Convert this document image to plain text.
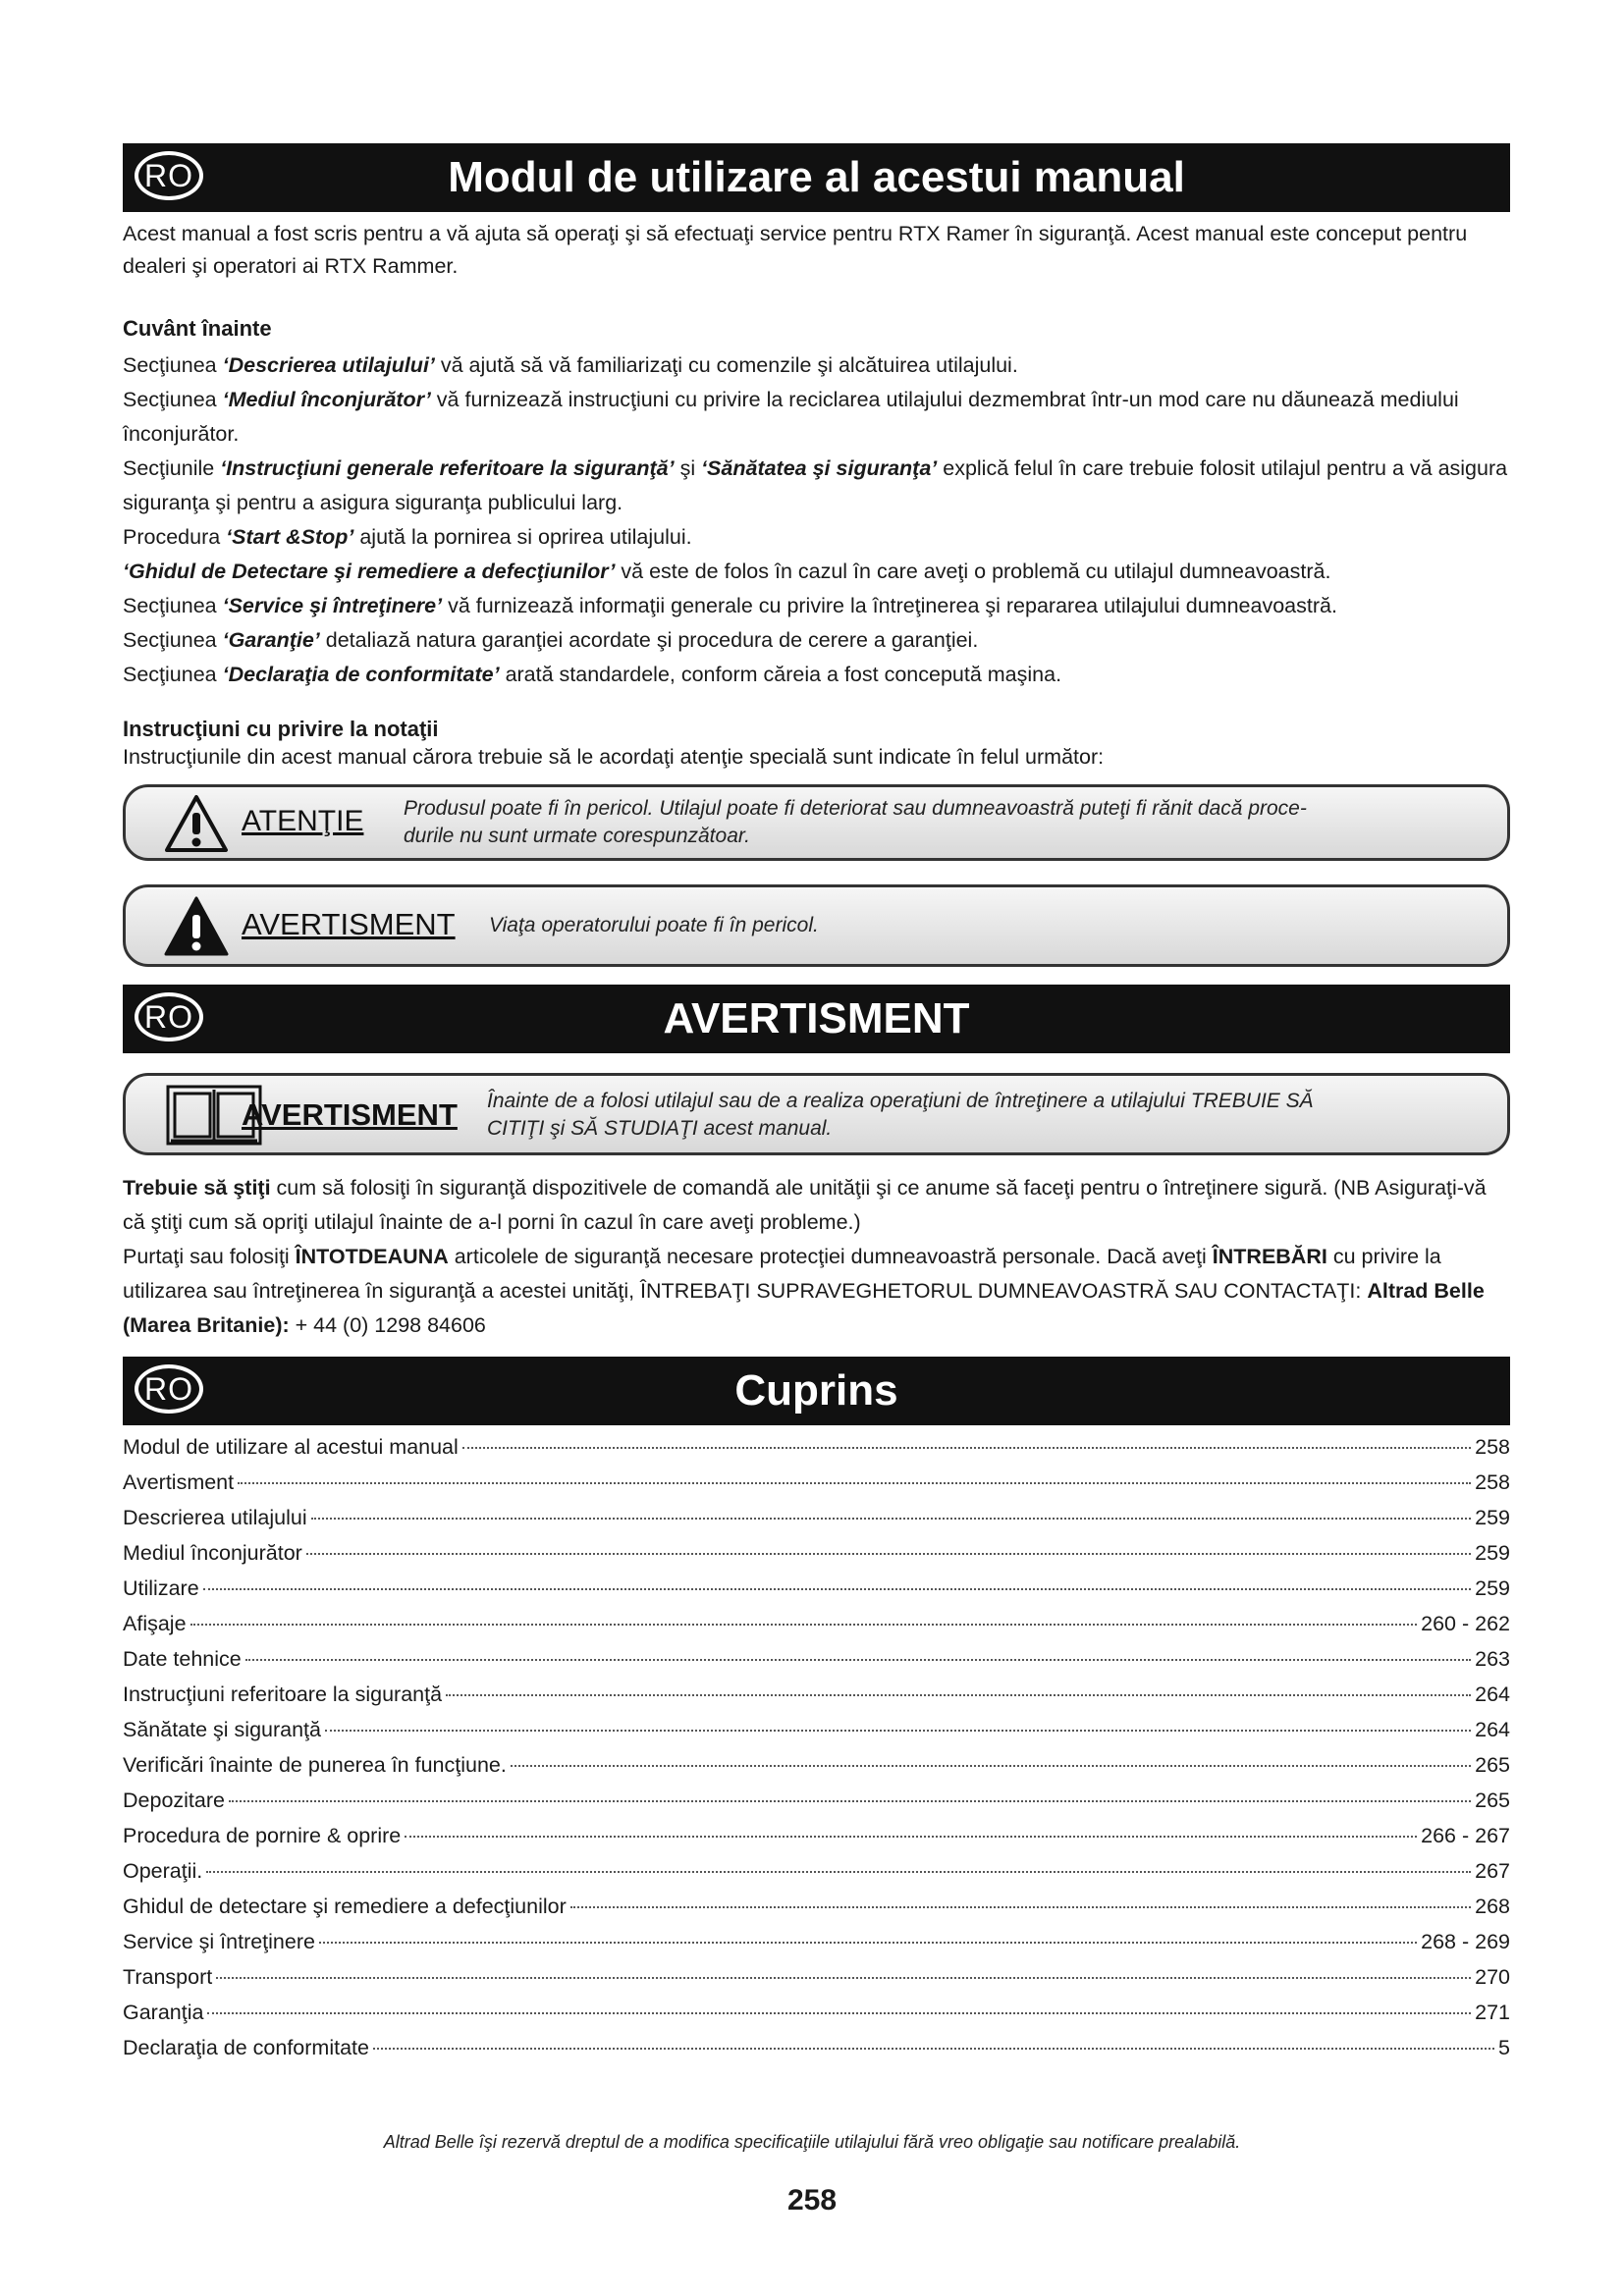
RO	Modul de utilizare al acestui manual

Acest manual a fost scris pentru a vă ajuta să operaţi şi să efectuaţi service pentru RTX Ramer în siguranţă. Acest manual este conceput pentru dealeri şi operatori ai RTX Rammer.

Cuvânt înainte

Secţiunea ‘Descrierea utilajului’ vă ajută să vă familiarizaţi cu comenzile şi alcătuirea utilajului.

Secţiunea ‘Mediul înconjurător’ vă furnizează instrucţiuni cu privire la reciclarea utilajului dezmembrat într-un mod care nu dăunează mediului înconjurător.

Secţiunile ‘Instrucţiuni generale referitoare la siguranţă’ şi ‘Sănătatea şi siguranţa’ explică felul în care trebuie folosit utilajul pentru a vă asigura siguranţa şi pentru a asigura siguranţa publicului larg.

Procedura ‘Start &Stop’ ajută la pornirea si oprirea utilajului.

‘Ghidul de Detectare şi remediere a defecţiunilor’ vă este de folos în cazul în care aveţi o problemă cu utilajul dumneavoastră.

Secţiunea ‘Service şi întreţinere’ vă furnizează informaţii generale cu privire la întreţinerea şi repararea utilajului dumneavoastră.

Secţiunea ‘Garanţie’ detaliază natura garanţiei acordate şi procedura de cerere a garanţiei.

Secţiunea ‘Declaraţia de conformitate’ arată standardele, conform căreia a fost concepută maşina.

Instrucţiuni cu privire la notaţii

Instrucţiunile din acest manual cărora trebuie să le acordaţi atenţie specială sunt indicate în felul următor:

ATENŢIE Produsul poate fi în pericol. Utilajul poate fi deteriorat sau dumneavoastră puteţi fi rănit dacă proce-
durile nu sunt urmate corespunzătoar.
AVERTISMENT Viaţa operatorului poate fi în pericol.
RO	AVERTISMENT
AVERTISMENT Înainte de a folosi utilajul sau de a realiza operaţiuni de întreţinere a utilajului TREBUIE SĂ
CITIŢI şi SĂ STUDIAŢI acest manual.

Trebuie să ştiţi cum să folosiţi în siguranţă dispozitivele de comandă ale unităţii şi ce anume să faceţi pentru o întreţinere sigură. (NB Asiguraţi-vă că ştiţi cum să opriţi utilajul înainte de a-l porni în cazul în care aveţi probleme.)

Purtaţi sau folosiţi ÎNTOTDEAUNA articolele de siguranţă necesare protecţiei dumneavoastră personale. Dacă aveţi ÎNTREBĂRI cu privire la utilizarea sau întreţinerea în siguranţă a acestei unităţi, ÎNTREBAŢI SUPRAVEGHETORUL DUMNEAVOASTRĂ SAU CONTACTAŢI: Altrad Belle (Marea Britanie): + 44 (0) 1298 84606

RO	Cuprins
Modul de utilizare al acestui manual	258
Avertisment	258
Descrierea utilajului	259
Mediul înconjurător	259
Utilizare	259
Afişaje	260 - 262
Date tehnice	263
Instrucţiuni referitoare la siguranţă	264
Sănătate şi siguranţă	264
Verificări înainte de punerea în funcţiune.	265
Depozitare	265
Procedura de pornire & oprire	266 - 267
Operaţii.	267
Ghidul de detectare şi remediere a defecţiunilor	268
Service şi întreţinere	268 - 269
Transport	270
Garanţia	271
Declaraţia de conformitate	5
Altrad Belle îşi rezervă dreptul de a modifica specificaţiile utilajului fără vreo obligaţie sau notificare prealabilă.
258
